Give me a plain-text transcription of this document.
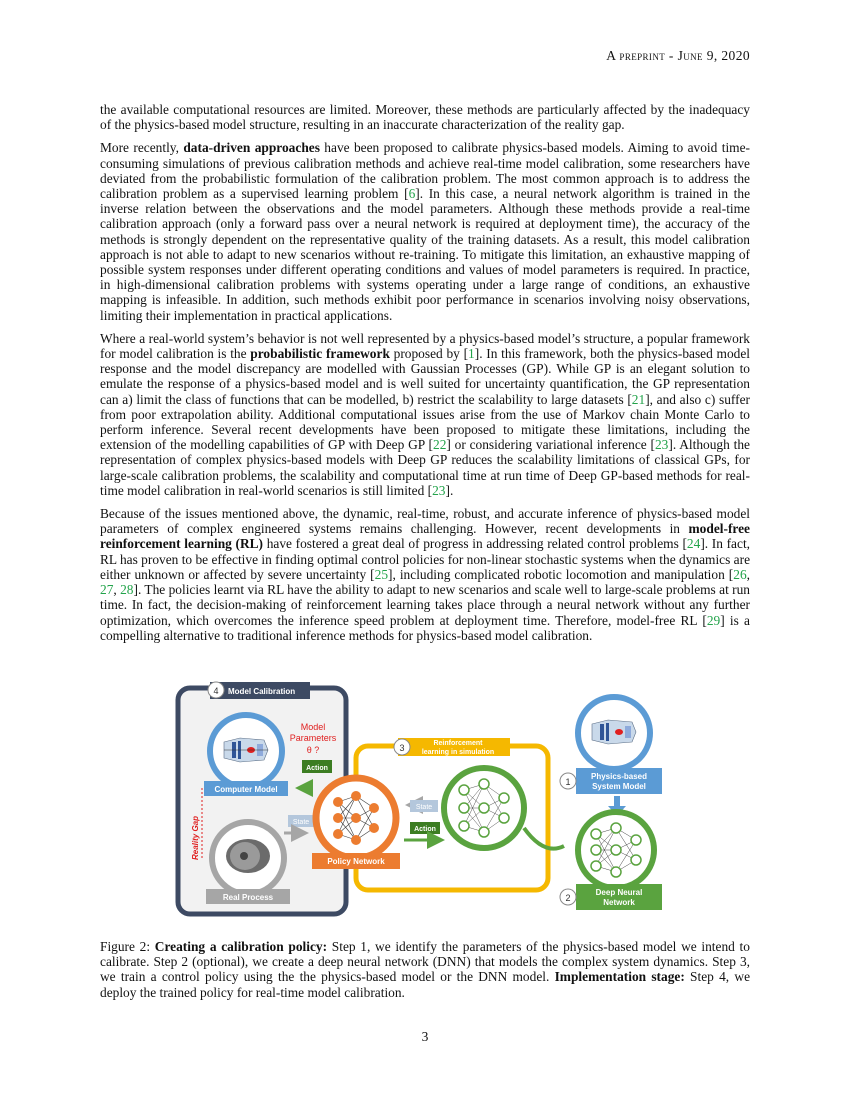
A preprint - June 9, 2020

the available computational resources are limited. Moreover, these methods are particularly affected by the inadequacy of the physics-based model structure, resulting in an inaccurate characterization of the reality gap.

More recently, data-driven approaches have been proposed to calibrate physics-based models. Aiming to avoid time-consuming simulations of previous calibration methods and achieve real-time model calibration, some researchers have deviated from the probabilistic formulation of the calibration problem. The most common approach is to address the calibration problem as a supervised learning problem [6]. In this case, a neural network algorithm is trained in the inverse relation between the observations and the model parameters. Although these methods provide a real-time calibration approach (only a forward pass over a neural network is required at deployment time), the accuracy of the methods is strongly dependent on the representative quality of the training datasets. As a result, this model calibration approach is not able to adapt to new scenarios without re-training. To mitigate this limitation, an exhaustive mapping of possible system responses under different operating conditions and values of model parameters is required. In practice, in high-dimensional calibration problems with systems operating under a large range of conditions, an exhaustive mapping is infeasible. In addition, such methods exhibit poor performance in scenarios involving noisy observations, limiting their implementation in practical applications.

Where a real-world system’s behavior is not well represented by a physics-based model’s structure, a popular framework for model calibration is the probabilistic framework proposed by [1]. In this framework, both the physics-based model response and the model discrepancy are modelled with Gaussian Processes (GP). While GP is an elegant solution to emulate the response of a physics-based model and is well suited for uncertainty quantification, the GP representation can a) limit the class of functions that can be modelled, b) restrict the scalability to large datasets [21], and also c) suffer from poor extrapolation ability. Additional computational issues arise from the use of Markov chain Monte Carlo to perform inference. Several recent developments have been proposed to mitigate these limitations, including the extension of the modelling capabilities of GP with Deep GP [22] or considering variational inference [23]. Although the representation of complex physics-based models with Deep GP reduces the scalability limitations of classical GPs, for large-scale calibration problems, the scalability and computational time at run time of Deep GP-based methods for real-time model calibration in real-world scenarios is still limited [23].

Because of the issues mentioned above, the dynamic, real-time, robust, and accurate inference of physics-based model parameters of complex engineered systems remains challenging. However, recent developments in model-free reinforcement learning (RL) have fostered a great deal of progress in addressing related control problems [24]. In fact, RL has proven to be effective in finding optimal control policies for non-linear stochastic systems when the dynamics are either unknown or affected by severe uncertainty [25], including complicated robotic locomotion and manipulation [26, 27, 28]. The policies learnt via RL have the ability to adapt to new scenarios and scale well to large-scale problems at run time. In fact, the decision-making of reinforcement learning takes place through a neural network without any further optimization, which overcomes the inference speed problem at deployment time. Therefore, model-free RL [29] is a compelling alternative to traditional inference methods for physics-based model calibration.

4 Model Calibration
Computer Model
Model
Parameters
θ ?
Action
Reality Gap	State
Real Process
3	Reinforcement
learning in simulation
Policy Network
State
Action
1
Physics-based
System Model
2
Deep Neural
Network
Figure 2: Creating a calibration policy: Step 1, we identify the parameters of the physics-based model we intend to calibrate. Step 2 (optional), we create a deep neural network (DNN) that models the complex system dynamics. Step 3, we train a control policy using the the physics-based model or the DNN model. Implementation stage: Step 4, we deploy the trained policy for real-time model calibration.
3
